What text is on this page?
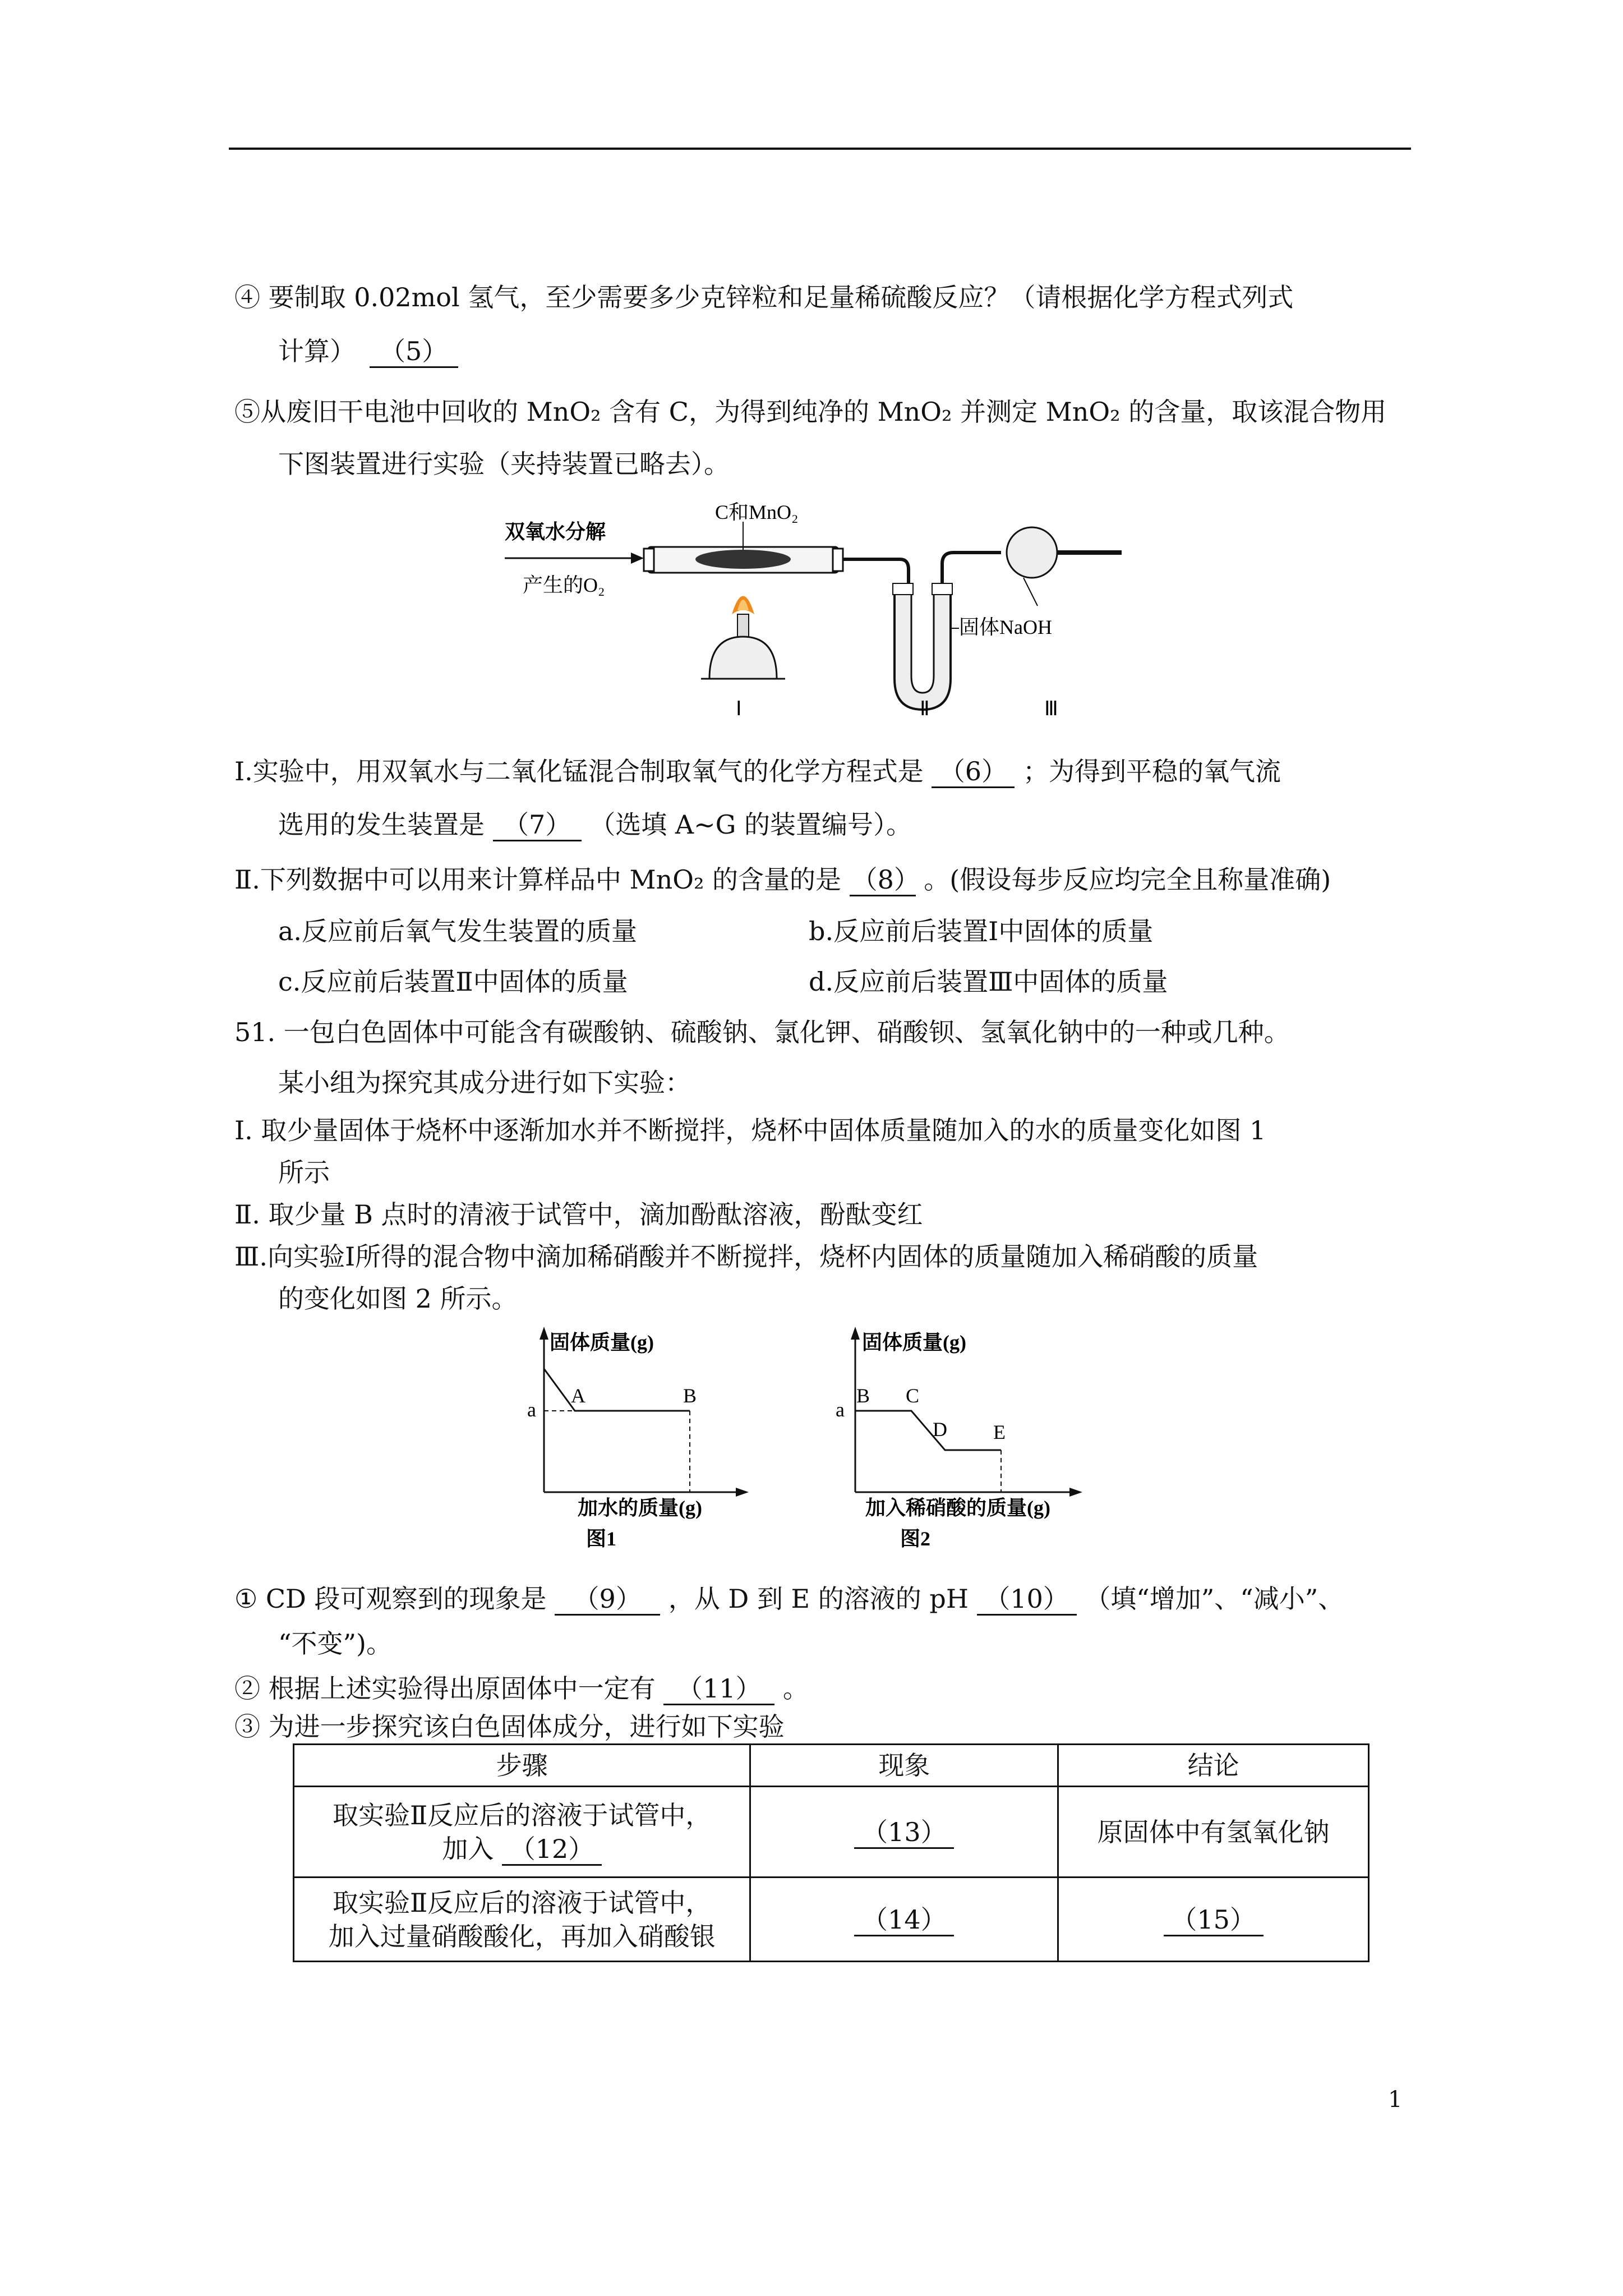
④ 要制取 0.02mol 氢气，至少需要多少克锌粒和足量稀硫酸反应？（请根据化学方程式列式
计算） （5）
⑤从废旧干电池中回收的 MnO₂ 含有 C，为得到纯净的 MnO₂ 并测定 MnO₂ 的含量，取该混合物用
下图装置进行实验（夹持装置已略去）。
双氧水分解
产生的O₂
C和MnO₂
固体NaOH
Ⅰ	Ⅱ	Ⅲ
Ⅰ.实验中，用双氧水与二氧化锰混合制取氧气的化学方程式是 （6） ；为得到平稳的氧气流
选用的发生装置是 （7） （选填 A~G 的装置编号）。
Ⅱ.下列数据中可以用来计算样品中 MnO₂ 的含量的是 （8） 。(假设每步反应均完全且称量准确)
a.反应前后氧气发生装置的质量	b.反应前后装置Ⅰ中固体的质量
c.反应前后装置Ⅱ中固体的质量	d.反应前后装置Ⅲ中固体的质量
51. 一包白色固体中可能含有碳酸钠、硫酸钠、氯化钾、硝酸钡、氢氧化钠中的一种或几种。
某小组为探究其成分进行如下实验：
Ⅰ. 取少量固体于烧杯中逐渐加水并不断搅拌，烧杯中固体质量随加入的水的质量变化如图 1
所示
Ⅱ. 取少量 B 点时的清液于试管中，滴加酚酞溶液，酚酞变红
Ⅲ.向实验Ⅰ所得的混合物中滴加稀硝酸并不断搅拌，烧杯内固体的质量随加入稀硝酸的质量
的变化如图 2 所示。
固体质量(g)
a
A	B
加水的质量(g)
图1
固体质量(g)
a
B C
D E
加入稀硝酸的质量(g)
图2
① CD 段可观察到的现象是 （9） ，从 D 到 E 的溶液的 pH （10） （填“增加”、“减小”、
“不变”)。
② 根据上述实验得出原固体中一定有 （11） 。
③ 为进一步探究该白色固体成分，进行如下实验
步骤	现象	结论

取实验Ⅱ反应后的溶液于试管中，
加入 （12）	（13）	原固体中有氢氧化钠

取实验Ⅱ反应后的溶液于试管中，
加入过量硝酸酸化，再加入硝酸银	（14）	（15）
1
